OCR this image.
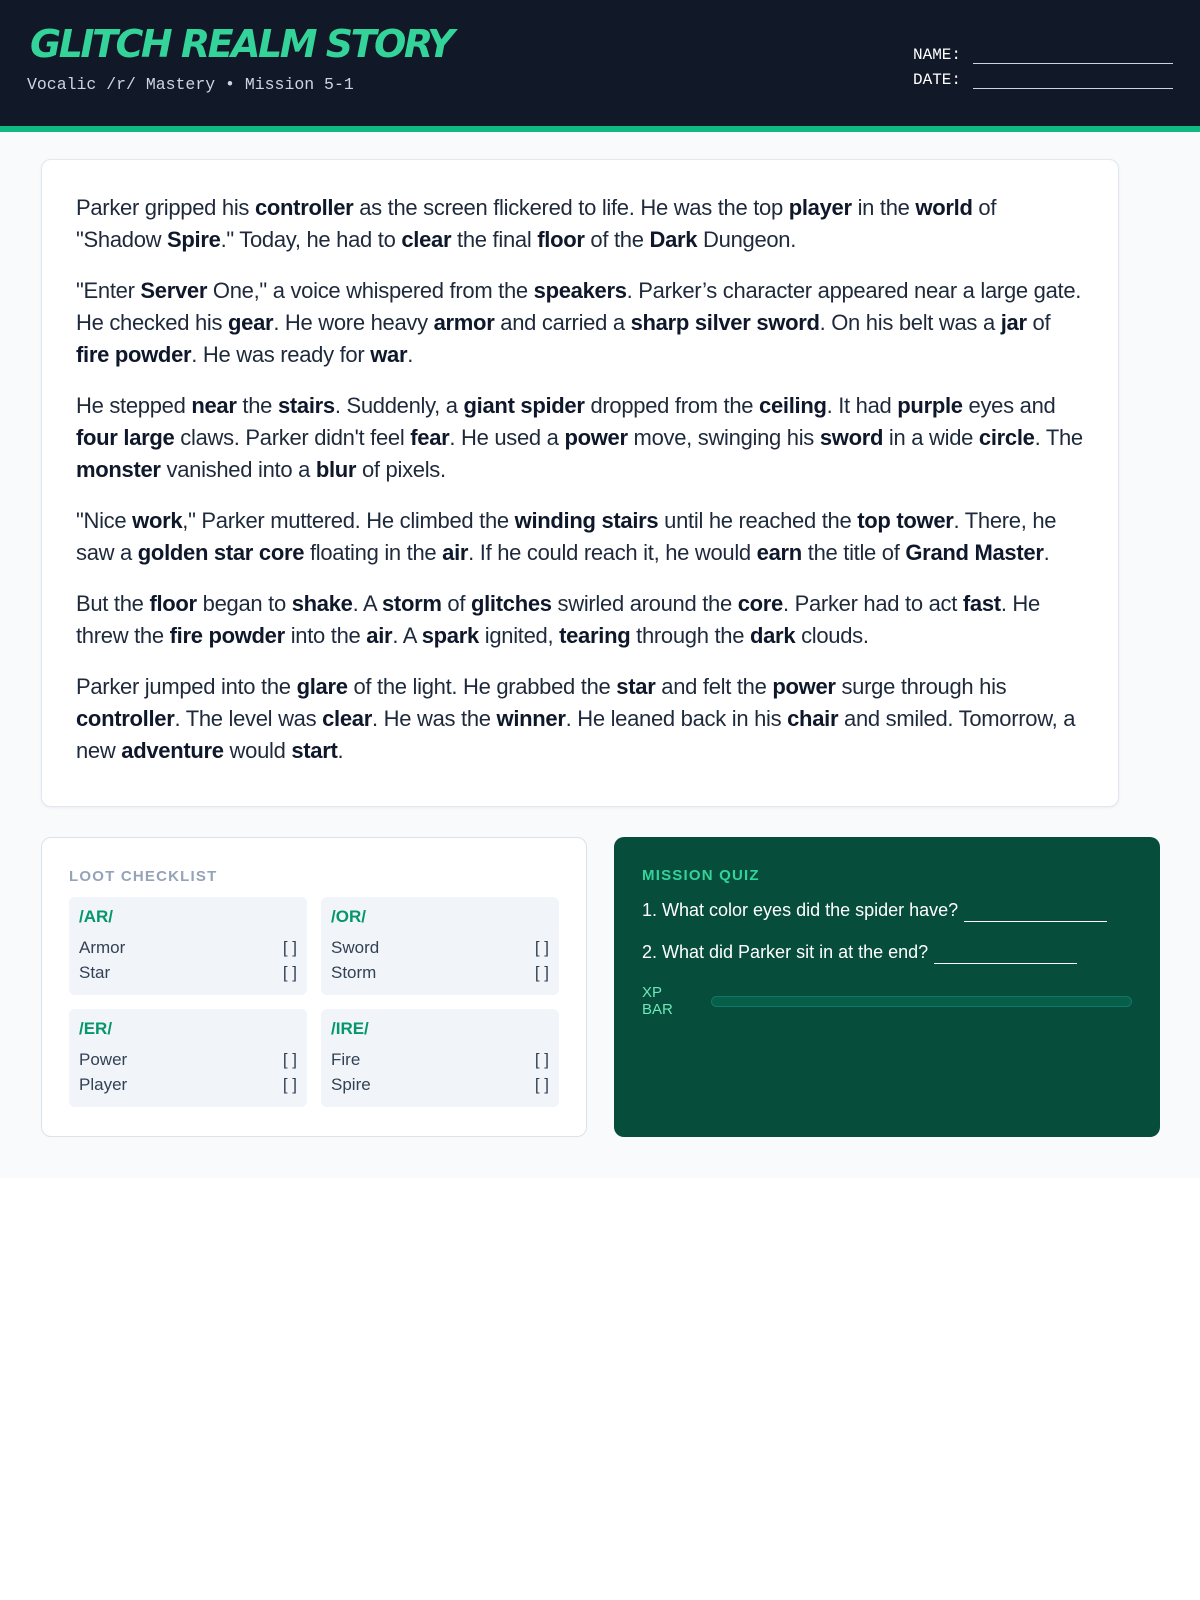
GLITCH REALM STORY
Vocalic /r/ Mastery • Mission 5-1
NAME:
DATE:

Parker gripped his controller as the screen flickered to life. He was the top player in the world of "Shadow Spire." Today, he had to clear the final floor of the Dark Dungeon.

"Enter Server One," a voice whispered from the speakers. Parker’s character appeared near a large gate. He checked his gear. He wore heavy armor and carried a sharp silver sword. On his belt was a jar of fire powder. He was ready for war.

He stepped near the stairs. Suddenly, a giant spider dropped from the ceiling. It had purple eyes and four large claws. Parker didn't feel fear. He used a power move, swinging his sword in a wide circle. The monster vanished into a blur of pixels.

"Nice work," Parker muttered. He climbed the winding stairs until he reached the top tower. There, he saw a golden star core floating in the air. If he could reach it, he would earn the title of Grand Master.

But the floor began to shake. A storm of glitches swirled around the core. Parker had to act fast. He threw the fire powder into the air. A spark ignited, tearing through the dark clouds.

Parker jumped into the glare of the light. He grabbed the star and felt the power surge through his controller. The level was clear. He was the winner. He leaned back in his chair and smiled. Tomorrow, a new adventure would start.

LOOT CHECKLIST
/AR/
Armor	[ ]
Star	[ ]
/OR/
Sword	[ ]
Storm	[ ]
/ER/
Power	[ ]
Player	[ ]
/IRE/
Fire	[ ]
Spire	[ ]
MISSION QUIZ
1. What color eyes did the spider have?
2. What did Parker sit in at the end?
XP BAR
